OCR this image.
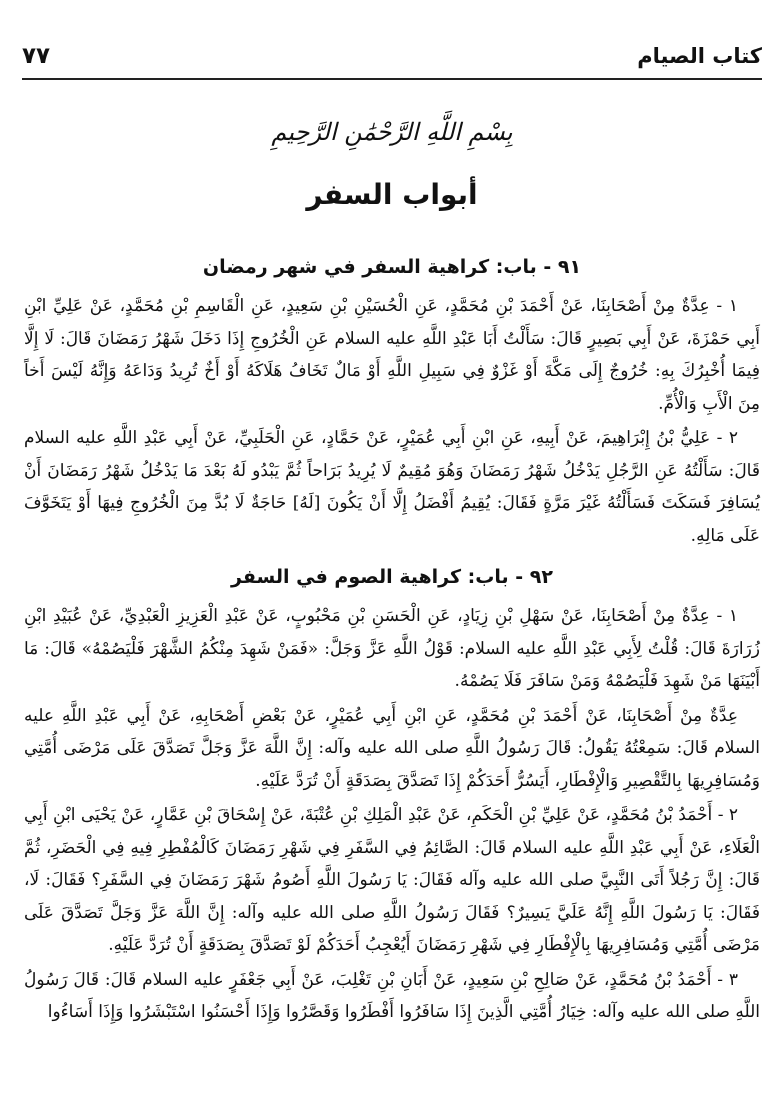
٧٧	كتاب الصيام
بِسْمِ اللَّهِ الرَّحْمَٰنِ الرَّحِيمِ
أبواب السفر
٩١ - باب: كراهية السفر في شهر رمضان

١ - عِدَّةٌ مِنْ أَصْحَابِنَا، عَنْ أَحْمَدَ بْنِ مُحَمَّدٍ، عَنِ الْحُسَيْنِ بْنِ سَعِيدٍ، عَنِ الْقَاسِمِ بْنِ مُحَمَّدٍ، عَنْ عَلِيِّ ابْنِ أَبِي حَمْزَةَ، عَنْ أَبِي بَصِيرٍ قَالَ: سَأَلْتُ أَبَا عَبْدِ اللَّهِ عليه السلام عَنِ الْخُرُوجِ إِذَا دَخَلَ شَهْرُ رَمَضَانَ قَالَ: لَا إِلَّا فِيمَا أُخْبِرُكَ بِهِ: خُرُوجٌ إِلَى مَكَّةَ أَوْ غَزْوٌ فِي سَبِيلِ اللَّهِ أَوْ مَالٌ تَخَافُ هَلَاكَهُ أَوْ أَخٌ تُرِيدُ وَدَاعَهُ وَإِنَّهُ لَيْسَ أَخاً مِنَ الْأَبِ وَالْأُمِّ.

٢ - عَلِيُّ بْنُ إِبْرَاهِيمَ، عَنْ أَبِيهِ، عَنِ ابْنِ أَبِي عُمَيْرٍ، عَنْ حَمَّادٍ، عَنِ الْحَلَبِيِّ، عَنْ أَبِي عَبْدِ اللَّهِ عليه السلام قَالَ: سَأَلْتُهُ عَنِ الرَّجُلِ يَدْخُلُ شَهْرُ رَمَضَانَ وَهُوَ مُقِيمٌ لَا يُرِيدُ بَرَاحاً ثُمَّ يَبْدُو لَهُ بَعْدَ مَا يَدْخُلُ شَهْرُ رَمَضَانَ أَنْ يُسَافِرَ فَسَكَتَ فَسَأَلْتُهُ غَيْرَ مَرَّةٍ فَقَالَ: يُقِيمُ أَفْضَلُ إِلَّا أَنْ يَكُونَ [لَهُ] حَاجَةٌ لَا بُدَّ مِنَ الْخُرُوجِ فِيهَا أَوْ يَتَخَوَّفَ عَلَى مَالِهِ.

٩٢ - باب: كراهية الصوم في السفر

١ - عِدَّةٌ مِنْ أَصْحَابِنَا، عَنْ سَهْلِ بْنِ زِيَادٍ، عَنِ الْحَسَنِ بْنِ مَحْبُوبٍ، عَنْ عَبْدِ الْعَزِيزِ الْعَبْدِيِّ، عَنْ عُبَيْدِ ابْنِ زُرَارَةَ قَالَ: قُلْتُ لِأَبِي عَبْدِ اللَّهِ عليه السلام: قَوْلُ اللَّهِ عَزَّ وَجَلَّ: «فَمَنْ شَهِدَ مِنْكُمُ الشَّهْرَ فَلْيَصُمْهُ» قَالَ: مَا أَبْيَنَهَا مَنْ شَهِدَ فَلْيَصُمْهُ وَمَنْ سَافَرَ فَلَا يَصُمْهُ.

عِدَّةٌ مِنْ أَصْحَابِنَا، عَنْ أَحْمَدَ بْنِ مُحَمَّدٍ، عَنِ ابْنِ أَبِي عُمَيْرٍ، عَنْ بَعْضِ أَصْحَابِهِ، عَنْ أَبِي عَبْدِ اللَّهِ عليه السلام قَالَ: سَمِعْتُهُ يَقُولُ: قَالَ رَسُولُ اللَّهِ صلى الله عليه وآله: إِنَّ اللَّهَ عَزَّ وَجَلَّ تَصَدَّقَ عَلَى مَرْضَى أُمَّتِي وَمُسَافِرِيهَا بِالتَّقْصِيرِ وَالْإِفْطَارِ، أَيَسُرُّ أَحَدَكُمْ إِذَا تَصَدَّقَ بِصَدَقَةٍ أَنْ تُرَدَّ عَلَيْهِ.

٢ - أَحْمَدُ بْنُ مُحَمَّدٍ، عَنْ عَلِيِّ بْنِ الْحَكَمِ، عَنْ عَبْدِ الْمَلِكِ بْنِ عُتْبَةَ، عَنْ إِسْحَاقَ بْنِ عَمَّارٍ، عَنْ يَحْيَى ابْنِ أَبِي الْعَلَاءِ، عَنْ أَبِي عَبْدِ اللَّهِ عليه السلام قَالَ: الصَّائِمُ فِي السَّفَرِ فِي شَهْرِ رَمَضَانَ كَالْمُفْطِرِ فِيهِ فِي الْحَضَرِ، ثُمَّ قَالَ: إِنَّ رَجُلاً أَتَى النَّبِيَّ صلى الله عليه وآله فَقَالَ: يَا رَسُولَ اللَّهِ أَصُومُ شَهْرَ رَمَضَانَ فِي السَّفَرِ؟ فَقَالَ: لَا، فَقَالَ: يَا رَسُولَ اللَّهِ إِنَّهُ عَلَيَّ يَسِيرٌ؟ فَقَالَ رَسُولُ اللَّهِ صلى الله عليه وآله: إِنَّ اللَّهَ عَزَّ وَجَلَّ تَصَدَّقَ عَلَى مَرْضَى أُمَّتِي وَمُسَافِرِيهَا بِالْإِفْطَارِ فِي شَهْرِ رَمَضَانَ أَيُعْجِبُ أَحَدَكُمْ لَوْ تَصَدَّقَ بِصَدَقَةٍ أَنْ تُرَدَّ عَلَيْهِ.

٣ - أَحْمَدُ بْنُ مُحَمَّدٍ، عَنْ صَالِحِ بْنِ سَعِيدٍ، عَنْ أَبَانِ بْنِ تَغْلِبَ، عَنْ أَبِي جَعْفَرٍ عليه السلام قَالَ: قَالَ رَسُولُ اللَّهِ صلى الله عليه وآله: خِيَارُ أُمَّتِي الَّذِينَ إِذَا سَافَرُوا أَفْطَرُوا وَقَصَّرُوا وَإِذَا أَحْسَنُوا اسْتَبْشَرُوا وَإِذَا أَسَاءُوا
